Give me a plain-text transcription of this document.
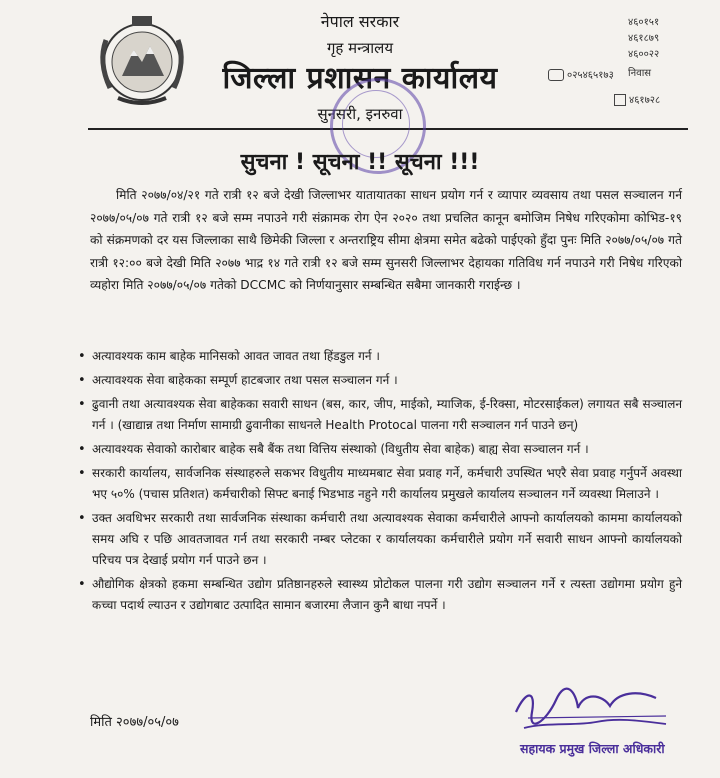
नेपाल सरकार
गृह मन्त्रालय
जिल्ला प्रशासन कार्यालय
सुनसरी, इनरुवा
४६०१५१
४६१८७९
४६००२२
०२५४६५१७३ निवास
४६१७२८
सुचना ! सूचना !! सूचना !!!

मिति २०७७/०४/२१ गते रात्री १२ बजे देखी जिल्लाभर यातायातका साधन प्रयोग गर्न र व्यापार व्यवसाय तथा पसल सञ्चालन गर्न २०७७/०५/०७ गते रात्री १२ बजे सम्म नपाउने गरी संक्रामक रोग ऐन २०२० तथा प्रचलित कानून बमोजिम निषेध गरिएकोमा कोभिड-१९ को संक्रमणको दर यस जिल्लाका साथै छिमेकी जिल्ला र अन्तराष्ट्रिय सीमा क्षेत्रमा समेत बढेको पाईएको हुँदा पुनः मिति २०७७/०५/०७ गते रात्री १२:०० बजे देखी मिति २०७७ भाद्र १४ गते रात्री १२ बजे सम्म सुनसरी जिल्लाभर देहायका गतिविध गर्न नपाउने गरी निषेध गरिएको व्यहोरा मिति २०७७/०५/०७ गतेको DCCMC को निर्णयानुसार सम्बन्धित सबैमा जानकारी गराईन्छ ।

• अत्यावश्यक काम बाहेक मानिसको आवत जावत तथा हिंडडुल गर्न ।
• अत्यावश्यक सेवा बाहेकका सम्पूर्ण हाटबजार तथा पसल सञ्चालन गर्न ।
• ढुवानी तथा अत्यावश्यक सेवा बाहेकका सवारी साधन (बस, कार, जीप, माईको, म्याजिक, ई-रिक्सा, मोटरसाईकल) लगायत सबै सञ्चालन गर्न । (खाद्यान्न तथा निर्माण सामाग्री ढुवानीका साधनले Health Protocal पालना गरी सञ्चालन गर्न पाउने छन्)
• अत्यावश्यक सेवाको कारोबार बाहेक सबै बैंक तथा वित्तिय संस्थाको (विधुतीय सेवा बाहेक) बाह्य सेवा सञ्चालन गर्न ।
• सरकारी कार्यालय, सार्वजनिक संस्थाहरुले सकभर विधुतीय माध्यमबाट सेवा प्रवाह गर्ने, कर्मचारी उपस्थित भएरै सेवा प्रवाह गर्नुपर्ने अवस्था भए ५०% (पचास प्रतिशत) कर्मचारीको सिफ्ट बनाई भिडभाड नहुने गरी कार्यालय प्रमुखले कार्यालय सञ्चालन गर्ने व्यवस्था मिलाउने ।
• उक्त अवधिभर सरकारी तथा सार्वजनिक संस्थाका कर्मचारी तथा अत्यावश्यक सेवाका कर्मचारीले आफ्नो कार्यालयको काममा कार्यालयको समय अघि र पछि आवतजावत गर्न तथा सरकारी नम्बर प्लेटका र कार्यालयका कर्मचारीले प्रयोग गर्ने सवारी साधन आफ्नो कार्यालयको परिचय पत्र देखाई प्रयोग गर्न पाउने छन ।
• औद्योगिक क्षेत्रको हकमा सम्बन्धित उद्योग प्रतिष्ठानहरुले स्वास्थ्य प्रोटोकल पालना गरी उद्योग सञ्चालन गर्ने र त्यस्ता उद्योगमा प्रयोग हुने कच्चा पदार्थ ल्याउन र उद्योगबाट उत्पादित सामान बजारमा लैजान कुनै बाधा नपर्ने ।
मिति २०७७/०५/०७
सहायक प्रमुख जिल्ला अधिकारी
